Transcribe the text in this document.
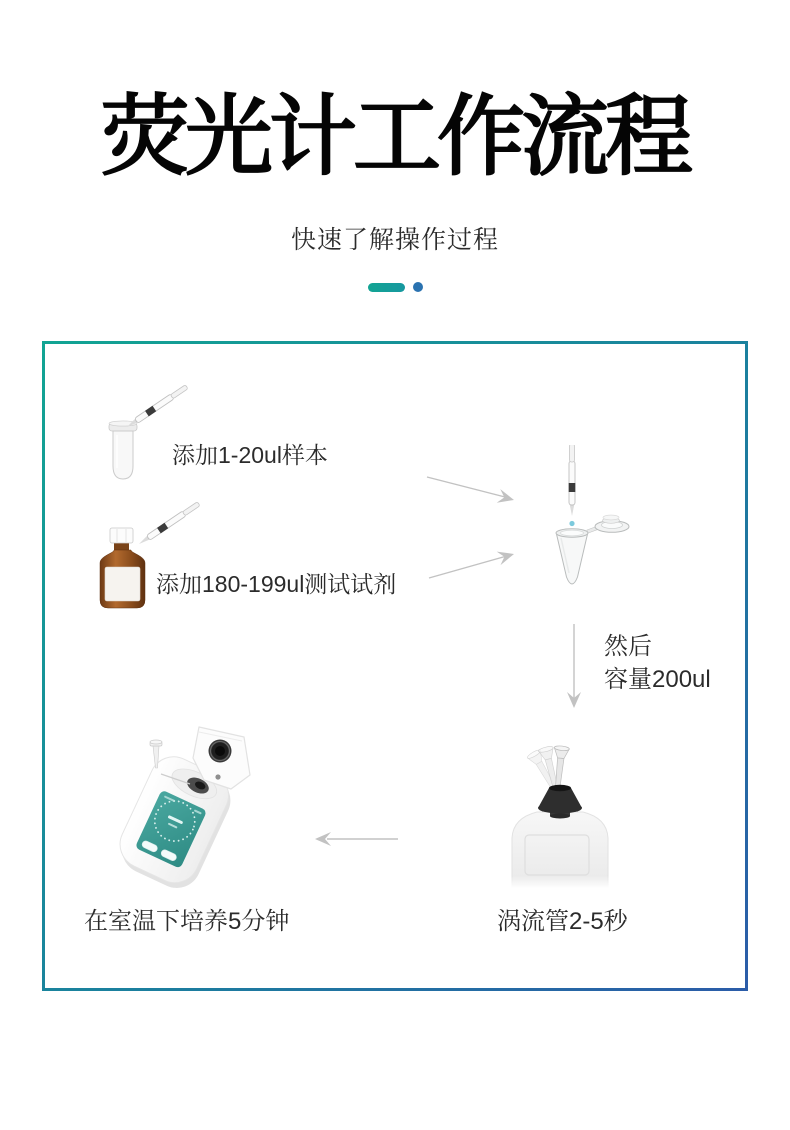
荧光计工作流程
快速了解操作过程
添加1-20ul样本
添加180-199ul测试试剂
然后
容量200ul
涡流管2-5秒
在室温下培养5分钟
